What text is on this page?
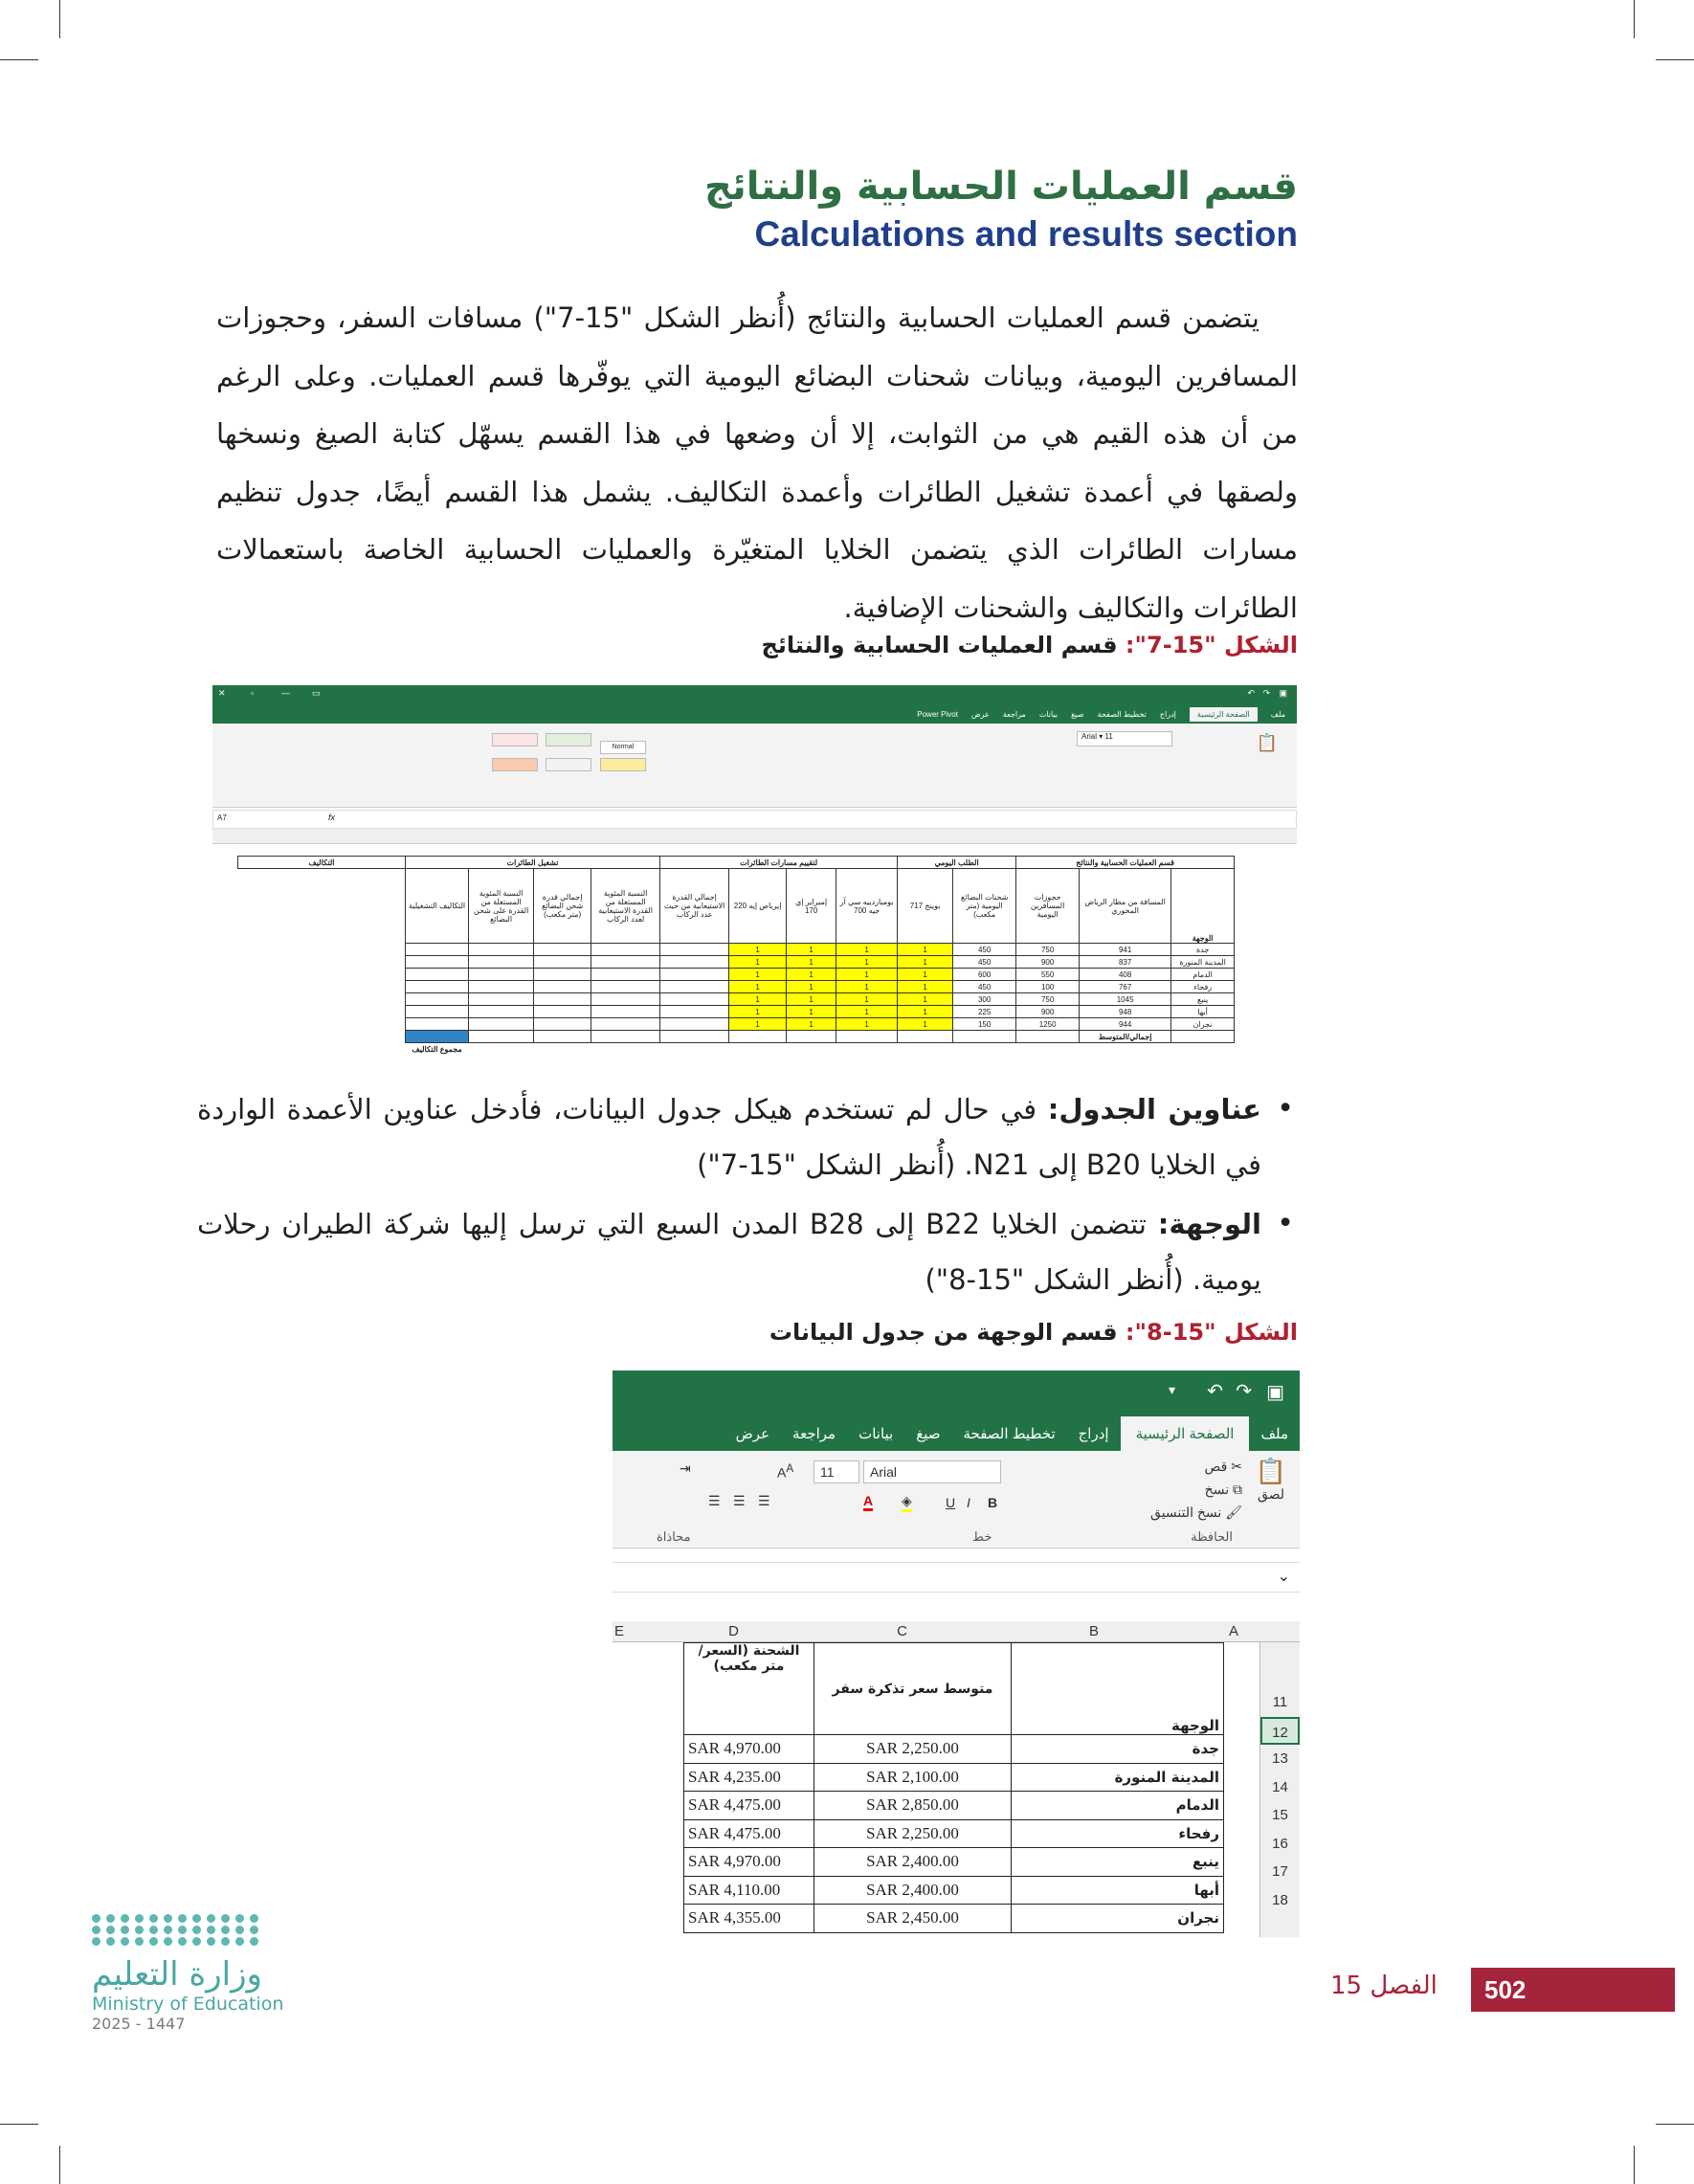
قسم العمليات الحسابية والنتائج
Calculations and results section

يتضمن قسم العمليات الحسابية والنتائج (أُنظر الشكل "15-7") مسافات السفر، وحجوزات المسافرين اليومية، وبيانات شحنات البضائع اليومية التي يوفّرها قسم العمليات. وعلى الرغم من أن هذه القيم هي من الثوابت، إلا أن وضعها في هذا القسم يسهّل كتابة الصيغ ونسخها ولصقها في أعمدة تشغيل الطائرات وأعمدة التكاليف. يشمل هذا القسم أيضًا، جدول تنظيم مسارات الطائرات الذي يتضمن الخلايا المتغيّرة والعمليات الحسابية الخاصة باستعمالات الطائرات والتكاليف والشحنات الإضافية.

الشكل "15-7": قسم العمليات الحسابية والنتائج
✕	▫	—	▭	▣
↷
↶
ملف
الصفحة الرئيسية
إدراج
تخطيط الصفحة
صيغ
بيانات
مراجعة
عرض
Power Pivot
Normal

Arial ▾ 11	📋
A7	fx
قسم العمليات الحسابية والنتائج			الطلب اليومي		لتقييم مسارات الطائرات				تشغيل الطائرات				التكاليف
الوجهة	المسافة من مطار الرياض المحوري	حجوزات المسافرين اليومية	شحنات البضائع اليومية (متر مكعب)	بوينج 717	بومباردييه سي آر جيه 700	إمبراير إي 170	إيرباص إيه 220	إجمالي القدرة الاستيعابية من حيث عدد الركاب	النسبة المئوية المستغلة من القدرة الاستيعابية لعدد الركاب	إجمالي قدرة شحن البضائع (متر مكعب)	النسبة المئوية المستغلة من القدرة على شحن البضائع	التكاليف التشغيلية	
جدة	941	750	450	1	1	1	1						
المدينة المنورة	837	900	450	1	1	1	1						
الدمام	408	550	600	1	1	1	1						
رفحاء	767	100	450	1	1	1	1						
ينبع	1045	750	300	1	1	1	1						
أبها	948	900	225	1	1	1	1						
نجران	944	1250	150	1	1	1	1						
	إجمالي/المتوسط												
												مجموع التكاليف	
• عناوين الجدول: في حال لم تستخدم هيكل جدول البيانات، فأدخل عناوين الأعمدة الواردة في الخلايا B20 إلى N21. (أُنظر الشكل "15-7")
• الوجهة: تتضمن الخلايا B22 إلى B28 المدن السبع التي ترسل إليها شركة الطيران رحلات يومية. (أُنظر الشكل "15-8")
الشكل "15-8": قسم الوجهة من جدول البيانات
▣
↷
↶
▾
ملف
الصفحة الرئيسية
إدراج
تخطيط الصفحة
صيغ
بيانات
مراجعة
عرض
📋
لصق
✂ قص
⧉ نسخ
🖌 نسخ التنسيق
Arial
11
$A^A$
B
I
U
A ◈
☰ ☰ ☰
⇥
الحافظة
خط
محاذاة
⌄
A
B
C
D
E
11
12
13
14
15
16
17
18
الشحنة (السعر/متر مكعب)	متوسط سعر تذكرة سفر	الوجهة
SAR 4,970.00	SAR 2,250.00	جدة
SAR 4,235.00	SAR 2,100.00	المدينة المنورة
SAR 4,475.00	SAR 2,850.00	الدمام
SAR 4,475.00	SAR 2,250.00	رفحاء
SAR 4,970.00	SAR 2,400.00	ينبع
SAR 4,110.00	SAR 2,400.00	أبها
SAR 4,355.00	SAR 2,450.00	نجران
وزارة التعليم
Ministry of Education
2025 - 1447
الفصل 15	502
